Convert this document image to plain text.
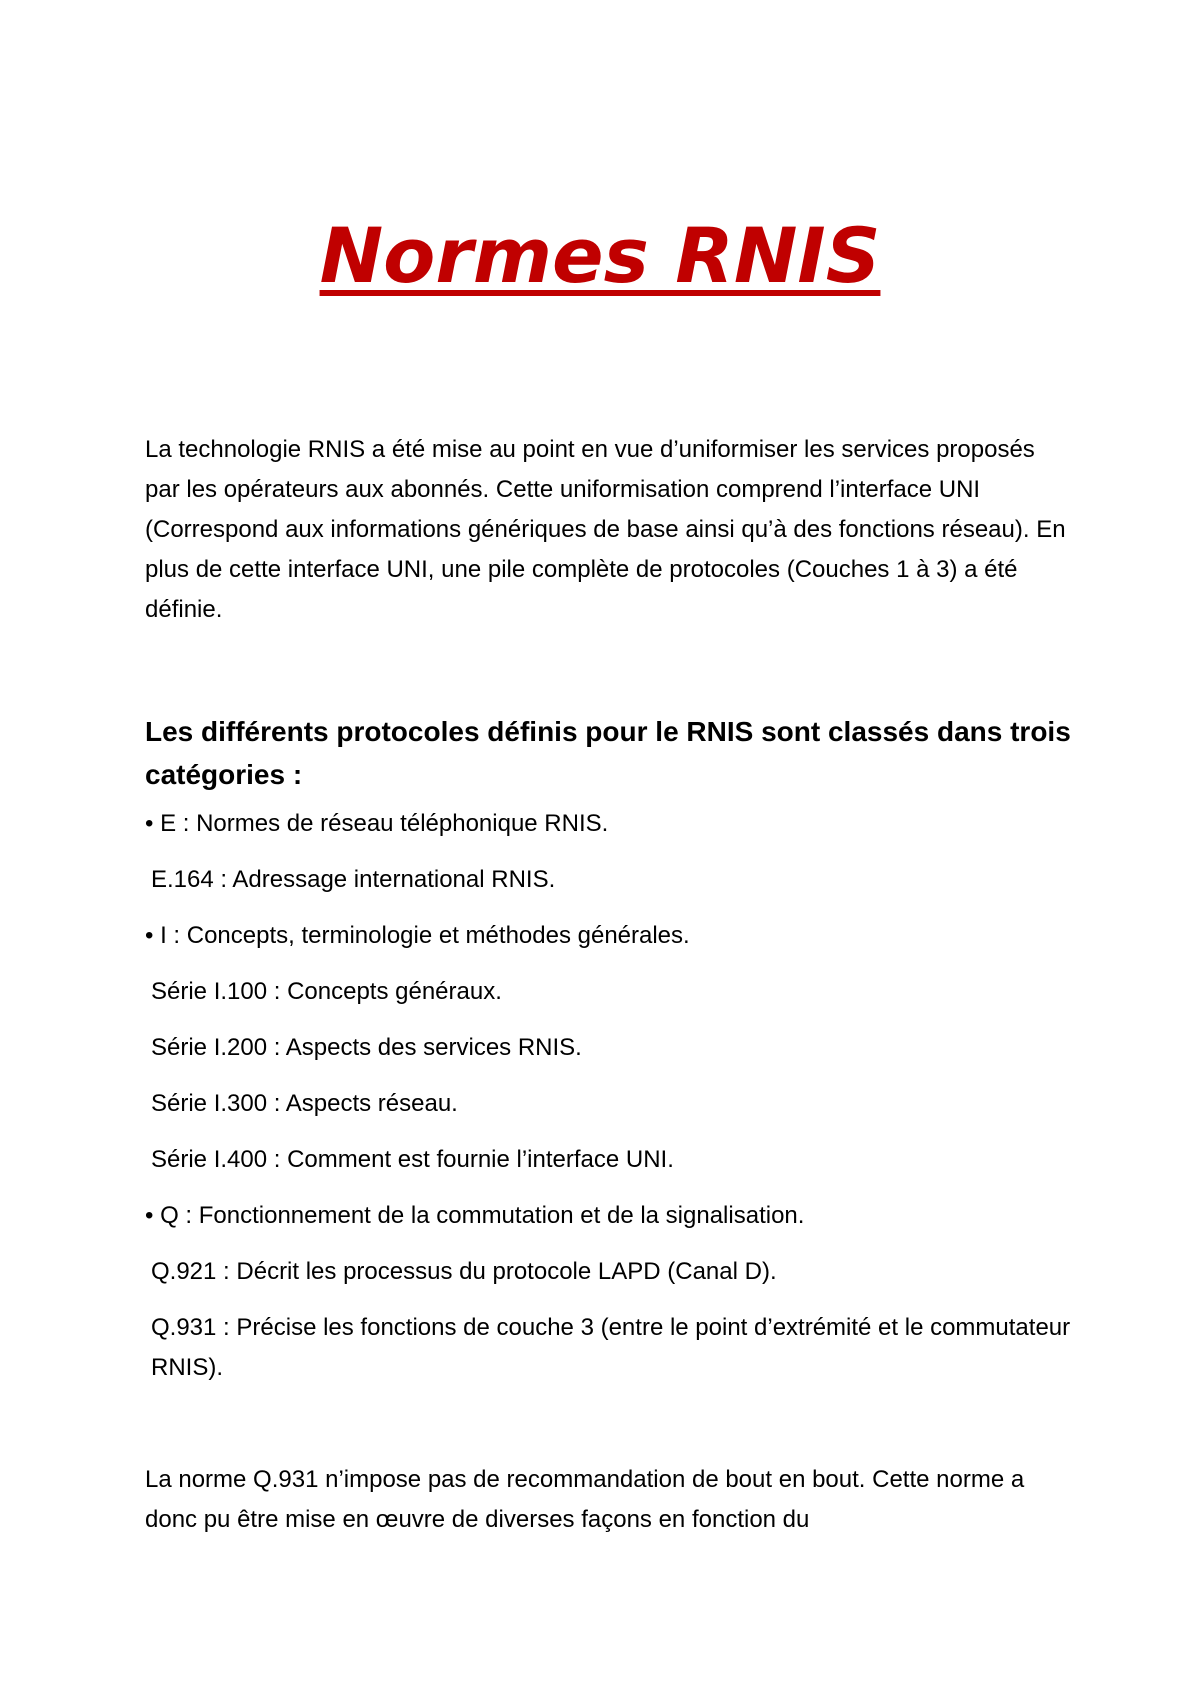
Normes RNIS

La technologie RNIS a été mise au point en vue d’uniformiser les services proposés par les opérateurs aux abonnés. Cette uniformisation comprend l’interface UNI (Correspond aux informations génériques de base ainsi qu’à des fonctions réseau). En plus de cette interface UNI, une pile complète de protocoles (Couches 1 à 3) a été définie.

Les différents protocoles définis pour le RNIS sont classés dans trois catégories :

• E : Normes de réseau téléphonique RNIS.

E.164 : Adressage international RNIS.

• I : Concepts, terminologie et méthodes générales.

Série I.100 : Concepts généraux.

Série I.200 : Aspects des services RNIS.

Série I.300 : Aspects réseau.

Série I.400 : Comment est fournie l’interface UNI.

• Q : Fonctionnement de la commutation et de la signalisation.

Q.921 : Décrit les processus du protocole LAPD (Canal D).

Q.931 : Précise les fonctions de couche 3 (entre le point d’extrémité et le commutateur RNIS).

La norme Q.931 n’impose pas de recommandation de bout en bout. Cette norme a donc pu être mise en œuvre de diverses façons en fonction du
